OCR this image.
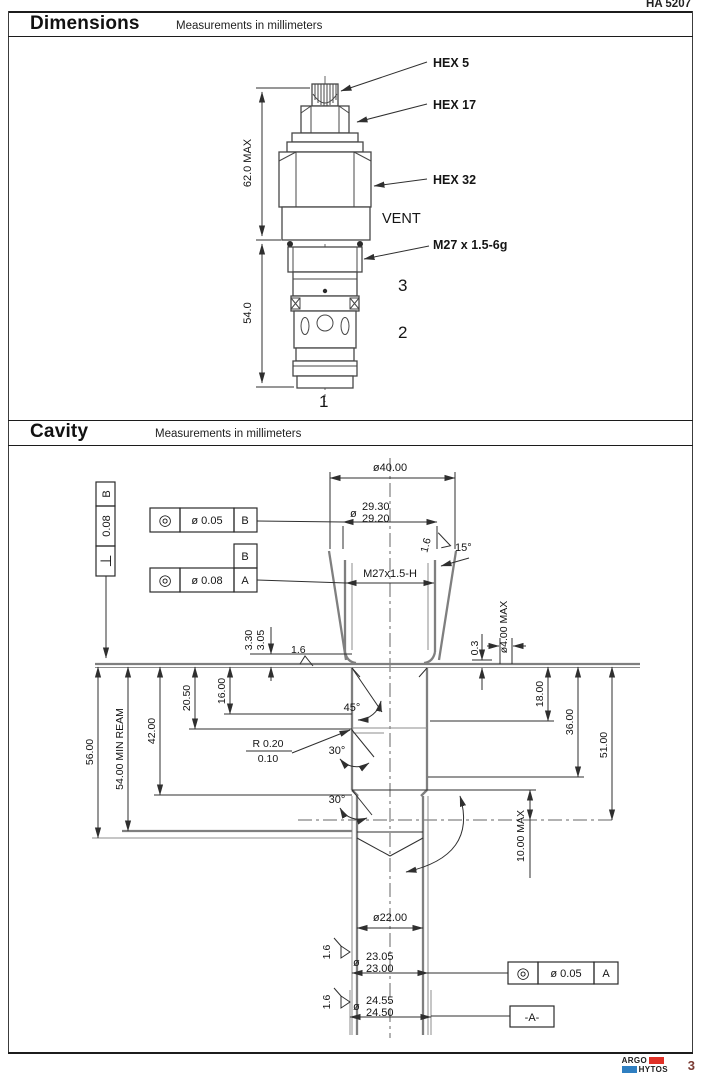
HA 5207
Dimensions	Measurements in millimeters
62.0 MAX
54.0
HEX 5
HEX 17
HEX 32
VENT
M27 x 1.5-6g
3
2
1
Cavity	Measurements in millimeters
ø40.00
ø
29.30
29.20
15°
1.6
M27x1.5-H
3.30 3.05 1.6	0.3 ø4.00 MAX
16.00
20.50
42.00
54.00 MIN REAM
56.00
18.00
36.00
51.00
10.00 MAX
45°
R 0.20
0.10
30°
30°
ø22.00
ø 23.05
23.00
ø 24.55
24.50
1.6
1.6
B
0.08
⊥
◎ ø 0.05 B
B
◎ ø 0.08 A
◎ ø 0.05 A
-A-
ARGO
HYTOS 3
